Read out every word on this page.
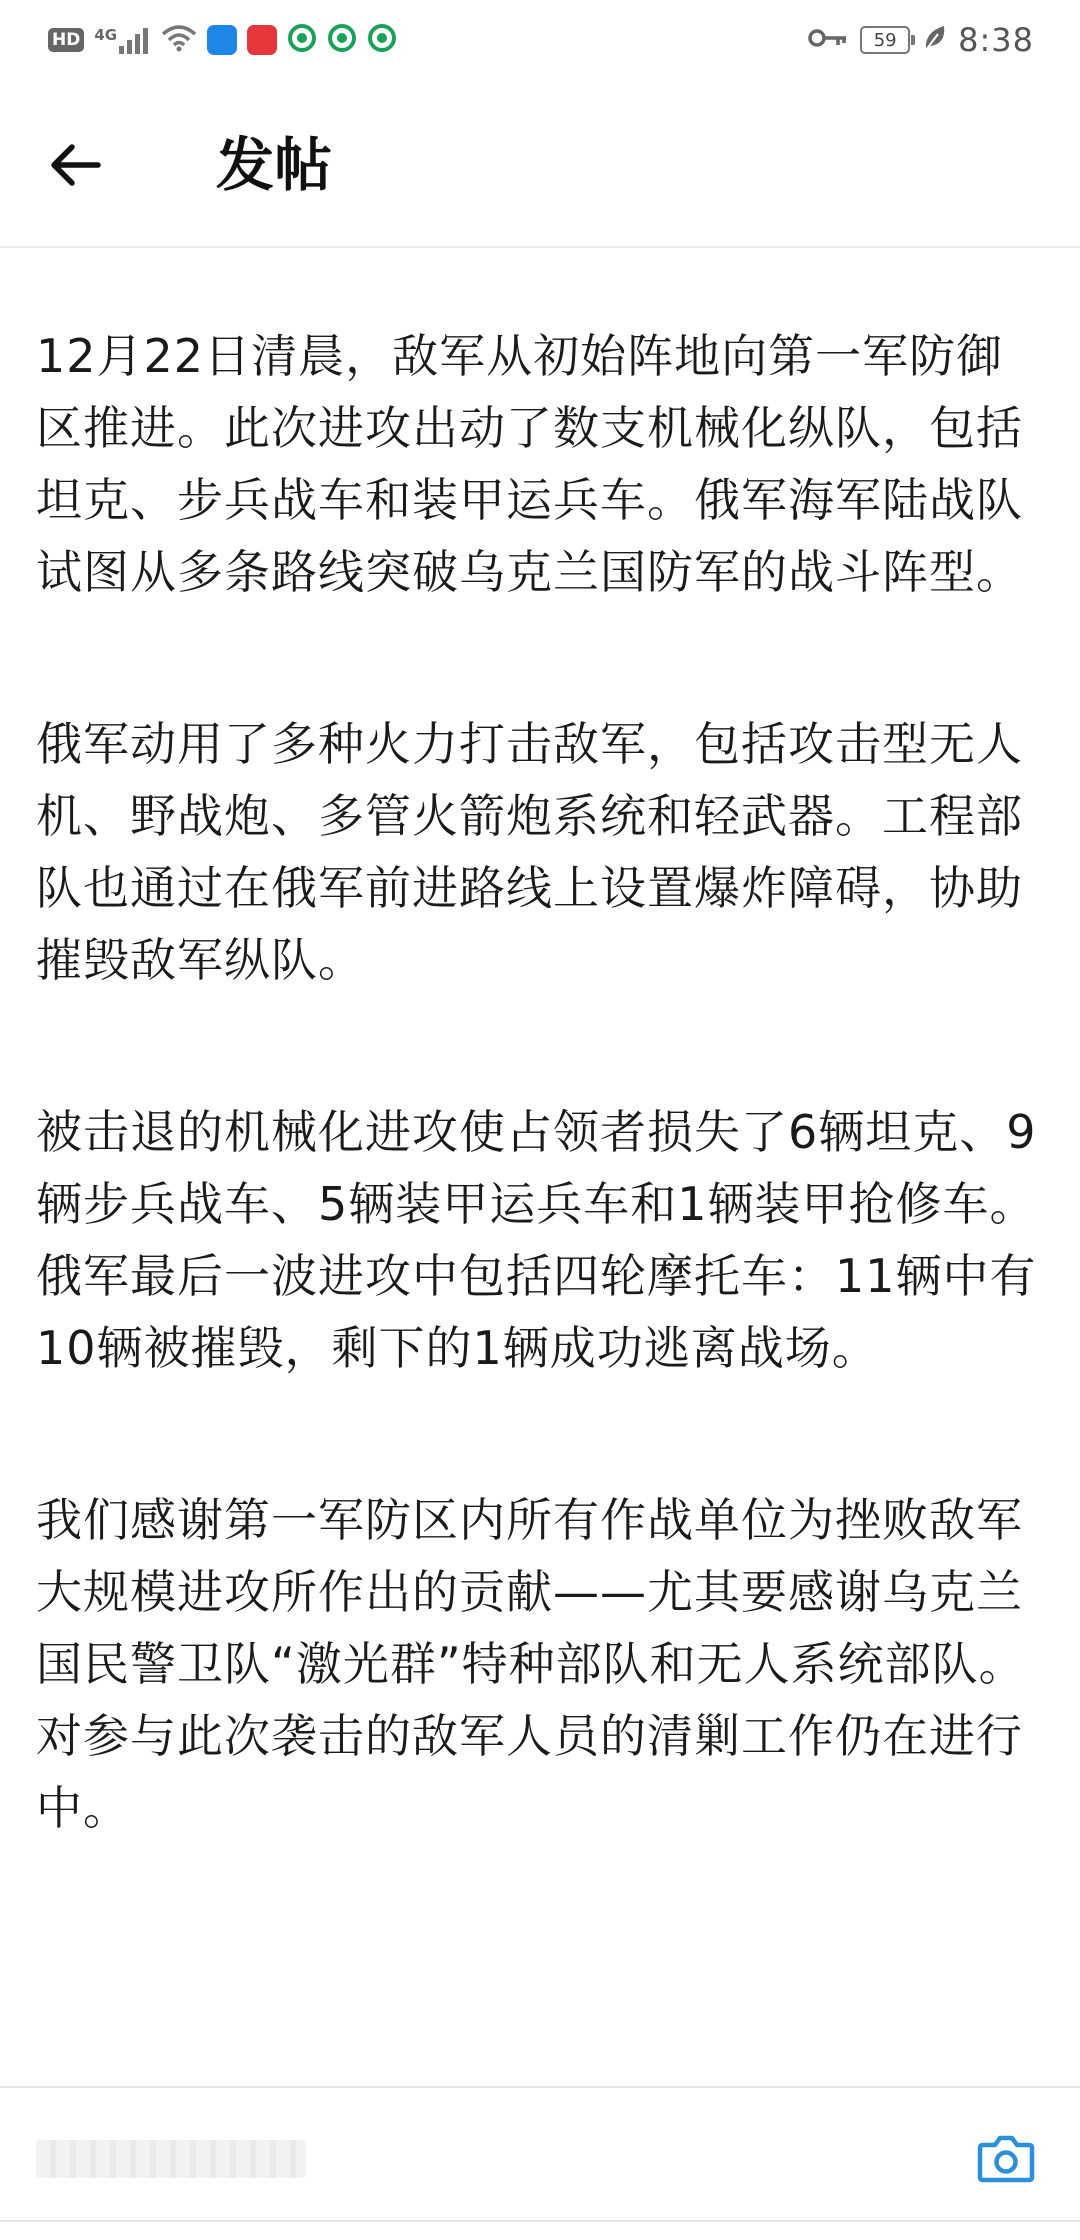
HD 4G	59 8:38
发帖

12月22日清晨，敌军从初始阵地向第一军防御区推进。此次进攻出动了数支机械化纵队，包括坦克、步兵战车和装甲运兵车。俄军海军陆战队试图从多条路线突破乌克兰国防军的战斗阵型。

俄军动用了多种火力打击敌军，包括攻击型无人机、野战炮、多管火箭炮系统和轻武器。工程部队也通过在俄军前进路线上设置爆炸障碍，协助摧毁敌军纵队。

被击退的机械化进攻使占领者损失了6辆坦克、9辆步兵战车、5辆装甲运兵车和1辆装甲抢修车。俄军最后一波进攻中包括四轮摩托车：11辆中有10辆被摧毁，剩下的1辆成功逃离战场。

我们感谢第一军防区内所有作战单位为挫败敌军大规模进攻所作出的贡献——尤其要感谢乌克兰国民警卫队“激光群”特种部队和无人系统部队。对参与此次袭击的敌军人员的清剿工作仍在进行中。
